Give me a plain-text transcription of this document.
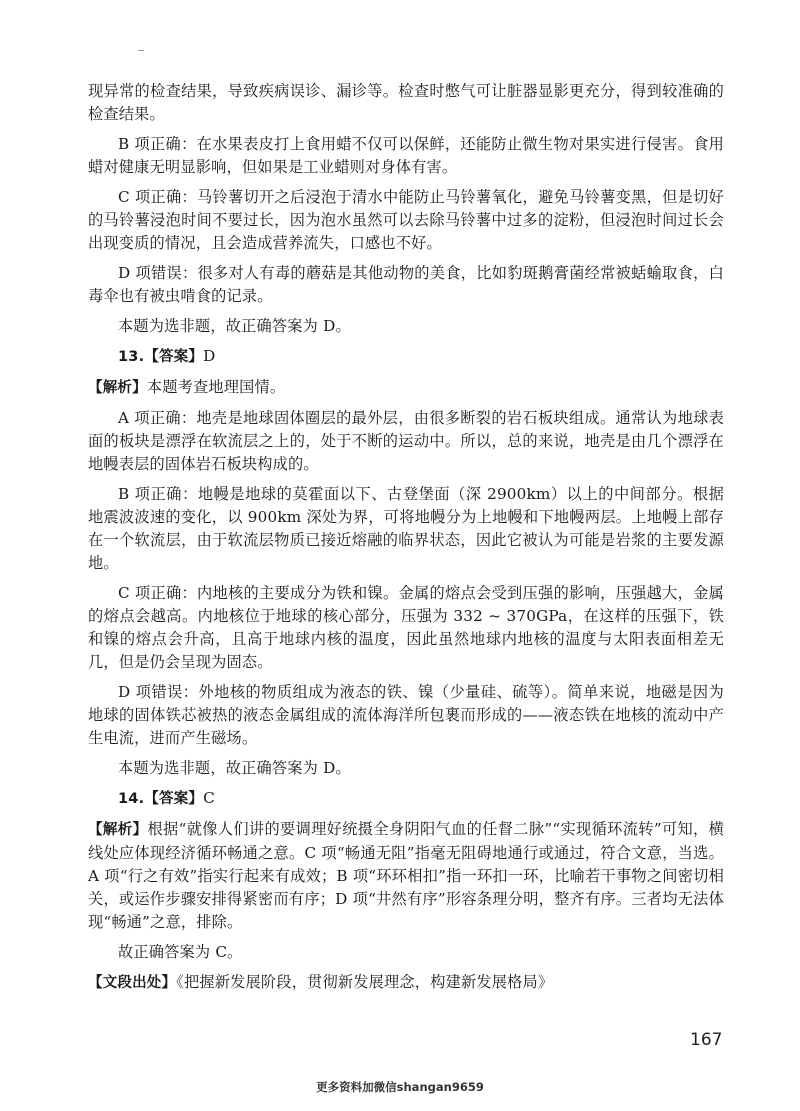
现异常的检查结果，导致疾病误诊、漏诊等。检查时憋气可让脏器显影更充分，得到较准确的检查结果。

B 项正确：在水果表皮打上食用蜡不仅可以保鲜，还能防止微生物对果实进行侵害。食用蜡对健康无明显影响，但如果是工业蜡则对身体有害。

C 项正确：马铃薯切开之后浸泡于清水中能防止马铃薯氧化，避免马铃薯变黑，但是切好的马铃薯浸泡时间不要过长，因为泡水虽然可以去除马铃薯中过多的淀粉，但浸泡时间过长会出现变质的情况，且会造成营养流失，口感也不好。

D 项错误：很多对人有毒的蘑菇是其他动物的美食，比如豹斑鹅膏菌经常被蛞蝓取食，白毒伞也有被虫啃食的记录。

本题为选非题，故正确答案为 D。

13.【答案】D

【解析】本题考查地理国情。

A 项正确：地壳是地球固体圈层的最外层，由很多断裂的岩石板块组成。通常认为地球表面的板块是漂浮在软流层之上的，处于不断的运动中。所以，总的来说，地壳是由几个漂浮在地幔表层的固体岩石板块构成的。

B 项正确：地幔是地球的莫霍面以下、古登堡面（深 2900km）以上的中间部分。根据地震波波速的变化，以 900km 深处为界，可将地幔分为上地幔和下地幔两层。上地幔上部存在一个软流层，由于软流层物质已接近熔融的临界状态，因此它被认为可能是岩浆的主要发源地。

C 项正确：内地核的主要成分为铁和镍。金属的熔点会受到压强的影响，压强越大，金属的熔点会越高。内地核位于地球的核心部分，压强为 332 ~ 370GPa，在这样的压强下，铁和镍的熔点会升高，且高于地球内核的温度，因此虽然地球内地核的温度与太阳表面相差无几，但是仍会呈现为固态。

D 项错误：外地核的物质组成为液态的铁、镍（少量硅、硫等）。简单来说，地磁是因为地球的固体铁芯被热的液态金属组成的流体海洋所包裹而形成的——液态铁在地核的流动中产生电流，进而产生磁场。

本题为选非题，故正确答案为 D。

14.【答案】C

【解析】根据“就像人们讲的要调理好统摄全身阴阳气血的任督二脉”“实现循环流转”可知，横线处应体现经济循环畅通之意。C 项“畅通无阻”指毫无阻碍地通行或通过，符合文意，当选。A 项“行之有效”指实行起来有成效；B 项“环环相扣”指一环扣一环，比喻若干事物之间密切相关，或运作步骤安排得紧密而有序；D 项“井然有序”形容条理分明，整齐有序。三者均无法体现“畅通”之意，排除。

故正确答案为 C。

【文段出处】《把握新发展阶段，贯彻新发展理念，构建新发展格局》

167
更多资料加微信shangan9659
